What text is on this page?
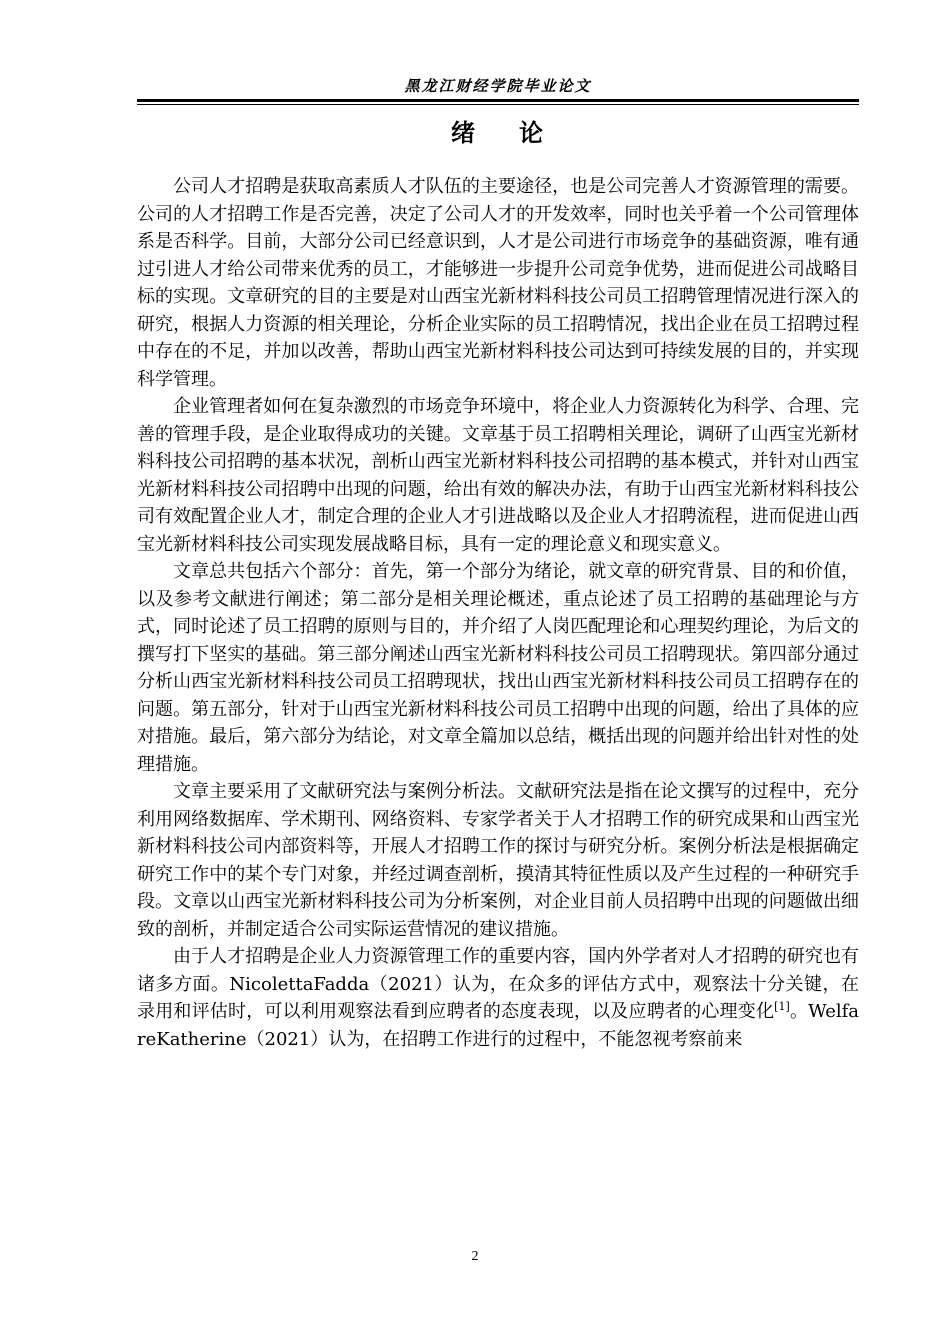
黑龙江财经学院毕业论文
绪 论

公司人才招聘是获取高素质人才队伍的主要途径，也是公司完善人才资源管理的需要。公司的人才招聘工作是否完善，决定了公司人才的开发效率，同时也关乎着一个公司管理体系是否科学。目前，大部分公司已经意识到，人才是公司进行市场竞争的基础资源，唯有通过引进人才给公司带来优秀的员工，才能够进一步提升公司竞争优势，进而促进公司战略目标的实现。文章研究的目的主要是对山西宝光新材料科技公司员工招聘管理情况进行深入的研究，根据人力资源的相关理论，分析企业实际的员工招聘情况，找出企业在员工招聘过程中存在的不足，并加以改善，帮助山西宝光新材料科技公司达到可持续发展的目的，并实现科学管理。

企业管理者如何在复杂激烈的市场竞争环境中，将企业人力资源转化为科学、合理、完善的管理手段，是企业取得成功的关键。文章基于员工招聘相关理论，调研了山西宝光新材料科技公司招聘的基本状况，剖析山西宝光新材料科技公司招聘的基本模式，并针对山西宝光新材料科技公司招聘中出现的问题，给出有效的解决办法，有助于山西宝光新材料科技公司有效配置企业人才，制定合理的企业人才引进战略以及企业人才招聘流程，进而促进山西宝光新材料科技公司实现发展战略目标，具有一定的理论意义和现实意义。

文章总共包括六个部分：首先，第一个部分为绪论，就文章的研究背景、目的和价值，以及参考文献进行阐述；第二部分是相关理论概述，重点论述了员工招聘的基础理论与方式，同时论述了员工招聘的原则与目的，并介绍了人岗匹配理论和心理契约理论，为后文的撰写打下坚实的基础。第三部分阐述山西宝光新材料科技公司员工招聘现状。第四部分通过分析山西宝光新材料科技公司员工招聘现状，找出山西宝光新材料科技公司员工招聘存在的问题。第五部分，针对于山西宝光新材料科技公司员工招聘中出现的问题，给出了具体的应对措施。最后，第六部分为结论，对文章全篇加以总结，概括出现的问题并给出针对性的处理措施。

文章主要采用了文献研究法与案例分析法。文献研究法是指在论文撰写的过程中，充分利用网络数据库、学术期刊、网络资料、专家学者关于人才招聘工作的研究成果和山西宝光新材料科技公司内部资料等，开展人才招聘工作的探讨与研究分析。案例分析法是根据确定研究工作中的某个专门对象，并经过调查剖析，摸清其特征性质以及产生过程的一种研究手段。文章以山西宝光新材料科技公司为分析案例，对企业目前人员招聘中出现的问题做出细致的剖析，并制定适合公司实际运营情况的建议措施。

由于人才招聘是企业人力资源管理工作的重要内容，国内外学者对人才招聘的研究也有诸多方面。NicolettaFadda（2021）认为，在众多的评估方式中，观察法十分关键，在录用和评估时，可以利用观察法看到应聘者的态度表现，以及应聘者的心理变化[1]。WelfareKatherine（2021）认为，在招聘工作进行的过程中，不能忽视考察前来

2
